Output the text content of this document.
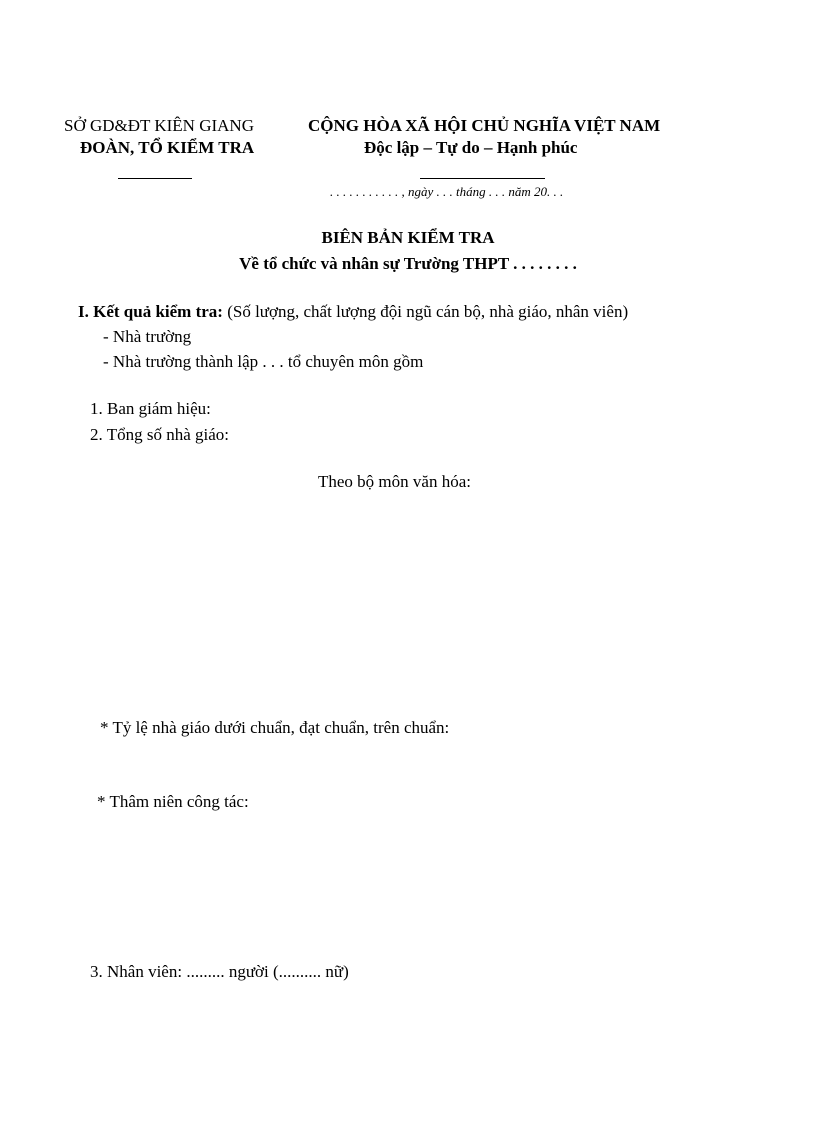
SỞ GD&ĐT KIÊN GIANG
ĐOÀN, TỔ KIỂM TRA
CỘNG HÒA XÃ HỘI CHỦ NGHĨA VIỆT NAM
Độc lập – Tự do – Hạnh phúc
. . . . . . . . . . . , ngày . . . tháng . . . năm 20. . .
BIÊN BẢN KIỂM TRA
Về tổ chức và nhân sự Trường THPT . . . . . . . .
I. Kết quả kiểm tra: (Số lượng, chất lượng đội ngũ cán bộ, nhà giáo, nhân viên)
- Nhà trường
- Nhà trường thành lập . . . tổ chuyên môn gồm
1. Ban giám hiệu:
2. Tổng số nhà giáo:
Theo bộ môn văn hóa:
* Tỷ lệ nhà giáo dưới chuẩn, đạt chuẩn, trên chuẩn:
* Thâm niên công tác:
3. Nhân viên: ......... người (.......... nữ)
